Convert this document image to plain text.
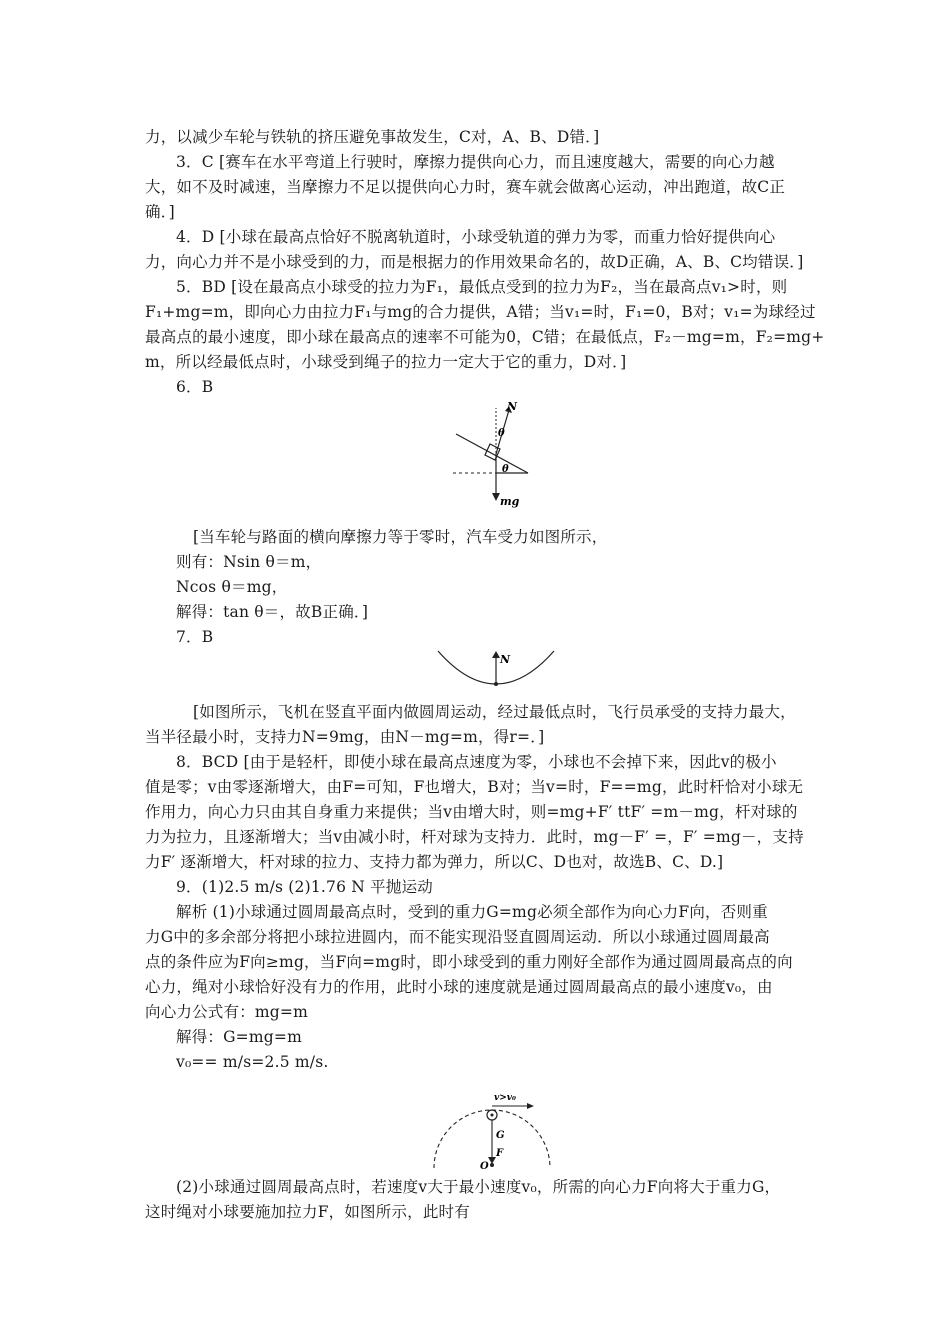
力，以减少车轮与铁轨的挤压避免事故发生，C对，A、B、D错．]
3．C [赛车在水平弯道上行驶时，摩擦力提供向心力，而且速度越大，需要的向心力越
大，如不及时减速，当摩擦力不足以提供向心力时，赛车就会做离心运动，冲出跑道，故C正
确．]
4．D [小球在最高点恰好不脱离轨道时，小球受轨道的弹力为零，而重力恰好提供向心
力，向心力并不是小球受到的力，而是根据力的作用效果命名的，故D正确，A、B、C均错误．]
5．BD [设在最高点小球受的拉力为F₁，最低点受到的拉力为F₂，当在最高点v₁>时，则
F₁+mg=m，即向心力由拉力F₁与mg的合力提供，A错；当v₁=时，F₁=0，B对；v₁=为球经过
最高点的最小速度，即小球在最高点的速率不可能为0，C错；在最低点，F₂－mg=m，F₂=mg+
m，所以经最低点时，小球受到绳子的拉力一定大于它的重力，D对．]
6．B
N
θ
θ
mg
[当车轮与路面的横向摩擦力等于零时，汽车受力如图所示，
则有：Nsin θ＝m，
Ncos θ＝mg，
解得：tan θ＝，故B正确．]
7．B
N
[如图所示，飞机在竖直平面内做圆周运动，经过最低点时，飞行员承受的支持力最大，
当半径最小时，支持力N=9mg，由N－mg=m，得r=．]
8．BCD [由于是轻杆，即使小球在最高点速度为零，小球也不会掉下来，因此v的极小
值是零；v由零逐渐增大，由F=可知，F也增大，B对；当v=时，F==mg，此时杆恰对小球无
作用力，向心力只由其自身重力来提供；当v由增大时，则=mg+F′ ttF′ =m－mg，杆对球的
力为拉力，且逐渐增大；当v由减小时，杆对球为支持力．此时，mg－F′ =，F′ =mg－，支持
力F′ 逐渐增大，杆对球的拉力、支持力都为弹力，所以C、D也对，故选B、C、D.]
9．(1)2.5 m/s (2)1.76 N 平抛运动
解析 (1)小球通过圆周最高点时，受到的重力G=mg必须全部作为向心力F向，否则重
力G中的多余部分将把小球拉进圆内，而不能实现沿竖直圆周运动．所以小球通过圆周最高
点的条件应为F向≥mg，当F向=mg时，即小球受到的重力刚好全部作为通过圆周最高点的向
心力，绳对小球恰好没有力的作用，此时小球的速度就是通过圆周最高点的最小速度v₀，由
向心力公式有：mg=m
解得：G=mg=m
v₀== m/s=2.5 m/s.
v>v₀
G
F
O
(2)小球通过圆周最高点时，若速度v大于最小速度v₀，所需的向心力F向将大于重力G，
这时绳对小球要施加拉力F，如图所示，此时有
